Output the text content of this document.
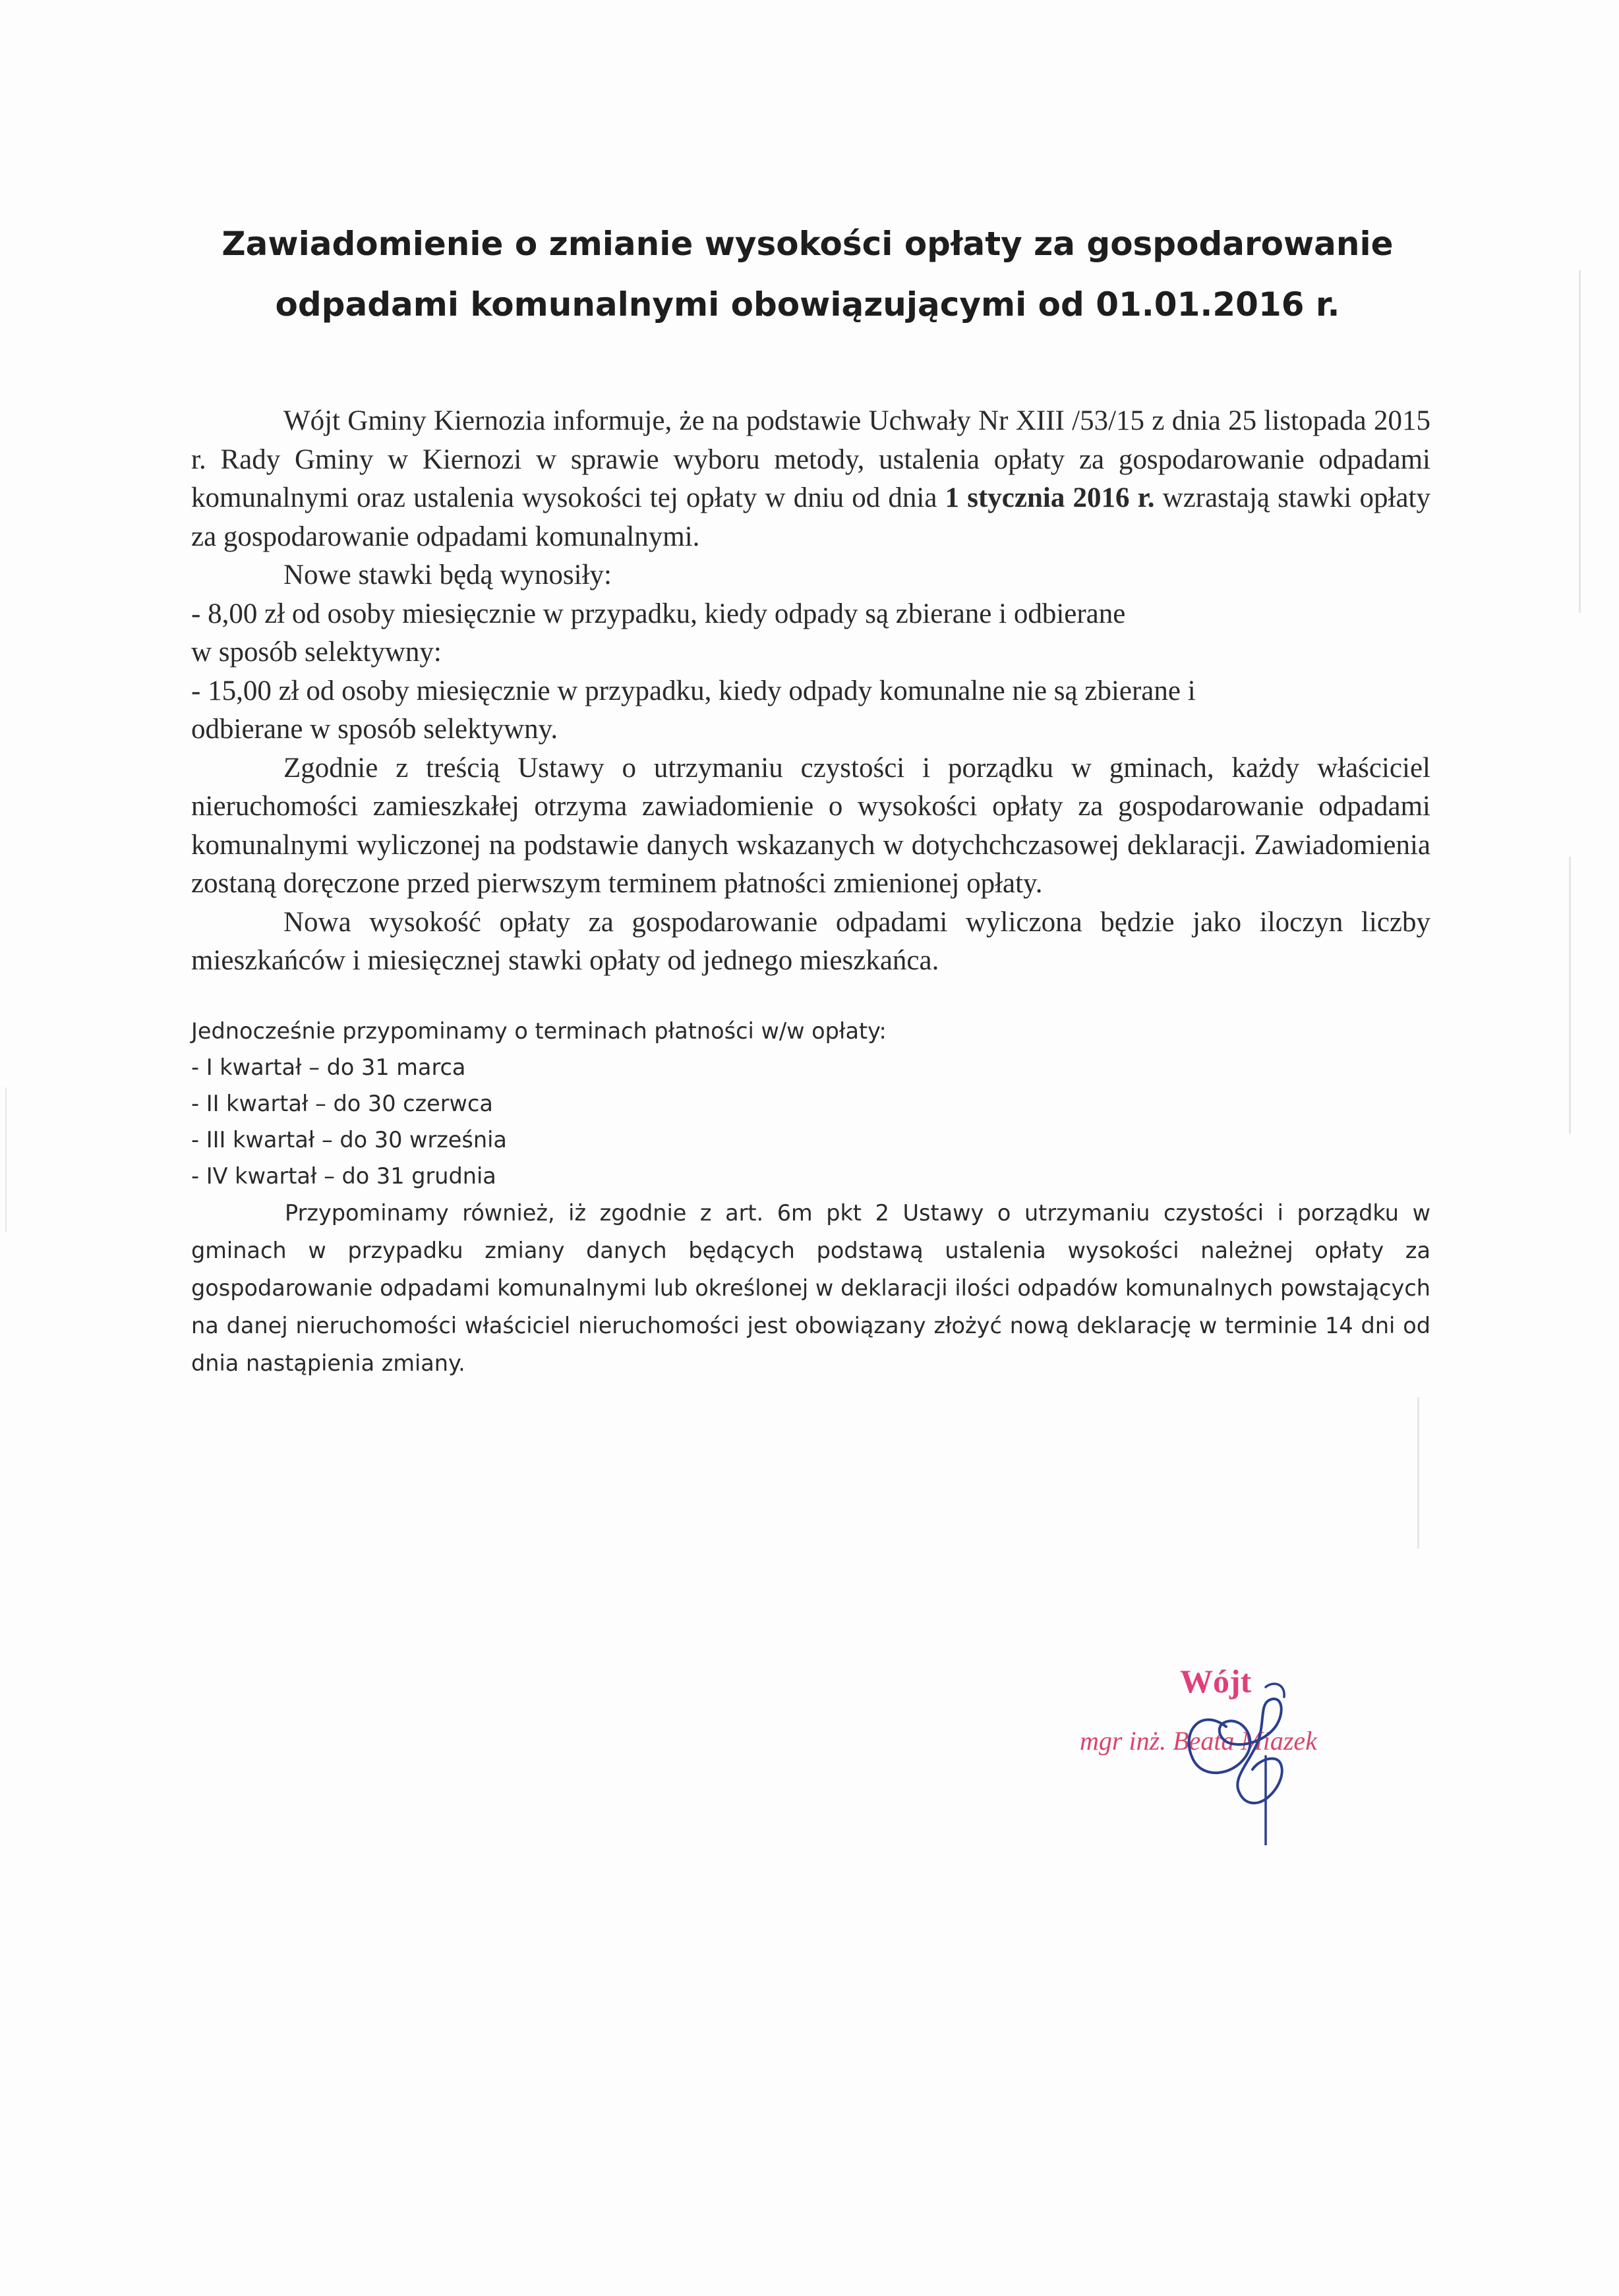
Zawiadomienie o zmianie wysokości opłaty za gospodarowanie
odpadami komunalnymi obowiązującymi od 01.01.2016 r.

Wójt Gminy Kiernozia informuje, że na podstawie Uchwały Nr XIII /53/15 z dnia 25 listopada 2015 r. Rady Gminy w Kiernozi w sprawie wyboru metody, ustalenia opłaty za gospodarowanie odpadami komunalnymi oraz ustalenia wysokości tej opłaty w dniu od dnia 1 stycznia 2016 r. wzrastają stawki opłaty za gospodarowanie odpadami komunalnymi.

Nowe stawki będą wynosiły:

- 8,00 zł od osoby miesięcznie w przypadku, kiedy odpady są zbierane i odbierane
w sposób selektywny:

- 15,00 zł od osoby miesięcznie w przypadku, kiedy odpady komunalne nie są zbierane i
odbierane w sposób selektywny.

Zgodnie z treścią Ustawy o utrzymaniu czystości i porządku w gminach, każdy właściciel nieruchomości zamieszkałej otrzyma zawiadomienie o wysokości opłaty za gospodarowanie odpadami komunalnymi wyliczonej na podstawie danych wskazanych w dotychchczasowej deklaracji. Zawiadomienia zostaną doręczone przed pierwszym terminem płatności zmienionej opłaty.

Nowa wysokość opłaty za gospodarowanie odpadami wyliczona będzie jako iloczyn liczby mieszkańców i miesięcznej stawki opłaty od jednego mieszkańca.

Jednocześnie przypominamy o terminach płatności w/w opłaty:

- I kwartał – do 31 marca

- II kwartał – do 30 czerwca

- III kwartał – do 30 września

- IV kwartał – do 31 grudnia

Przypominamy również, iż zgodnie z art. 6m pkt 2 Ustawy o utrzymaniu czystości i porządku w gminach w przypadku zmiany danych będących podstawą ustalenia wysokości należnej opłaty za gospodarowanie odpadami komunalnymi lub określonej w deklaracji ilości odpadów komunalnych powstających na danej nieruchomości właściciel nieruchomości jest obowiązany złożyć nową deklarację w terminie 14 dni od dnia nastąpienia zmiany.

Wójt
mgr inż. Beata Miazek
